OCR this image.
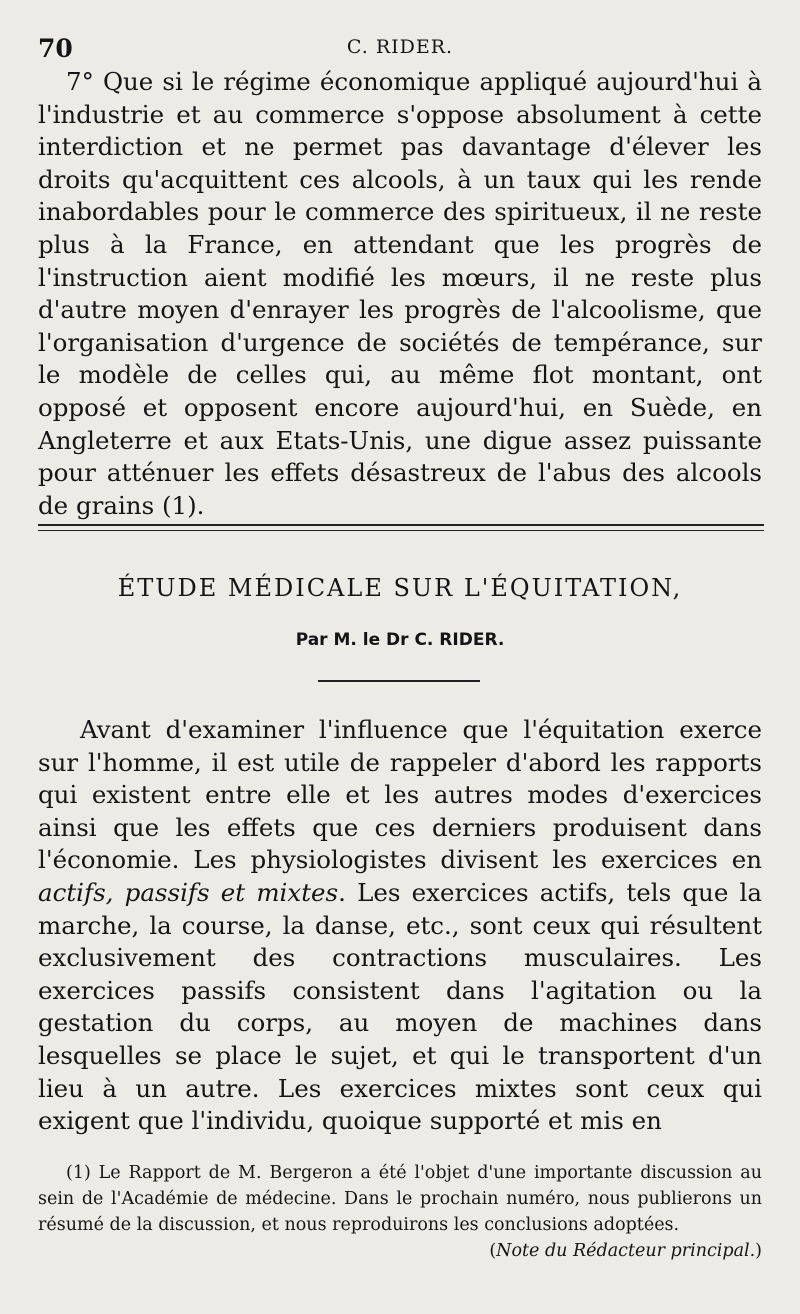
70	C. RIDER.

7° Que si le régime économique appliqué aujourd'hui à l'industrie et au commerce s'oppose absolument à cette interdiction et ne permet pas davantage d'élever les droits qu'acquittent ces alcools, à un taux qui les rende inabordables pour le commerce des spiritueux, il ne reste plus à la France, en attendant que les progrès de l'instruction aient modifié les mœurs, il ne reste plus d'autre moyen d'enrayer les progrès de l'alcoolisme, que l'organisation d'urgence de sociétés de tempérance, sur le modèle de celles qui, au même flot montant, ont opposé et opposent encore aujourd'hui, en Suède, en Angleterre et aux Etats-Unis, une digue assez puissante pour atténuer les effets désastreux de l'abus des alcools de grains (1).

ÉTUDE MÉDICALE SUR L'ÉQUITATION,
Par M. le Dr C. RIDER.

Avant d'examiner l'influence que l'équitation exerce sur l'homme, il est utile de rappeler d'abord les rapports qui existent entre elle et les autres modes d'exercices ainsi que les effets que ces derniers produisent dans l'économie. Les physiologistes divisent les exercices en actifs, passifs et mixtes. Les exercices actifs, tels que la marche, la course, la danse, etc., sont ceux qui résultent exclusivement des contractions musculaires. Les exercices passifs consistent dans l'agitation ou la gestation du corps, au moyen de machines dans lesquelles se place le sujet, et qui le transportent d'un lieu à un autre. Les exercices mixtes sont ceux qui exigent que l'individu, quoique supporté et mis en

(1) Le Rapport de M. Bergeron a été l'objet d'une importante discussion au sein de l'Académie de médecine. Dans le prochain numéro, nous publierons un résumé de la discussion, et nous reproduirons les conclusions adoptées.
(Note du Rédacteur principal.)
